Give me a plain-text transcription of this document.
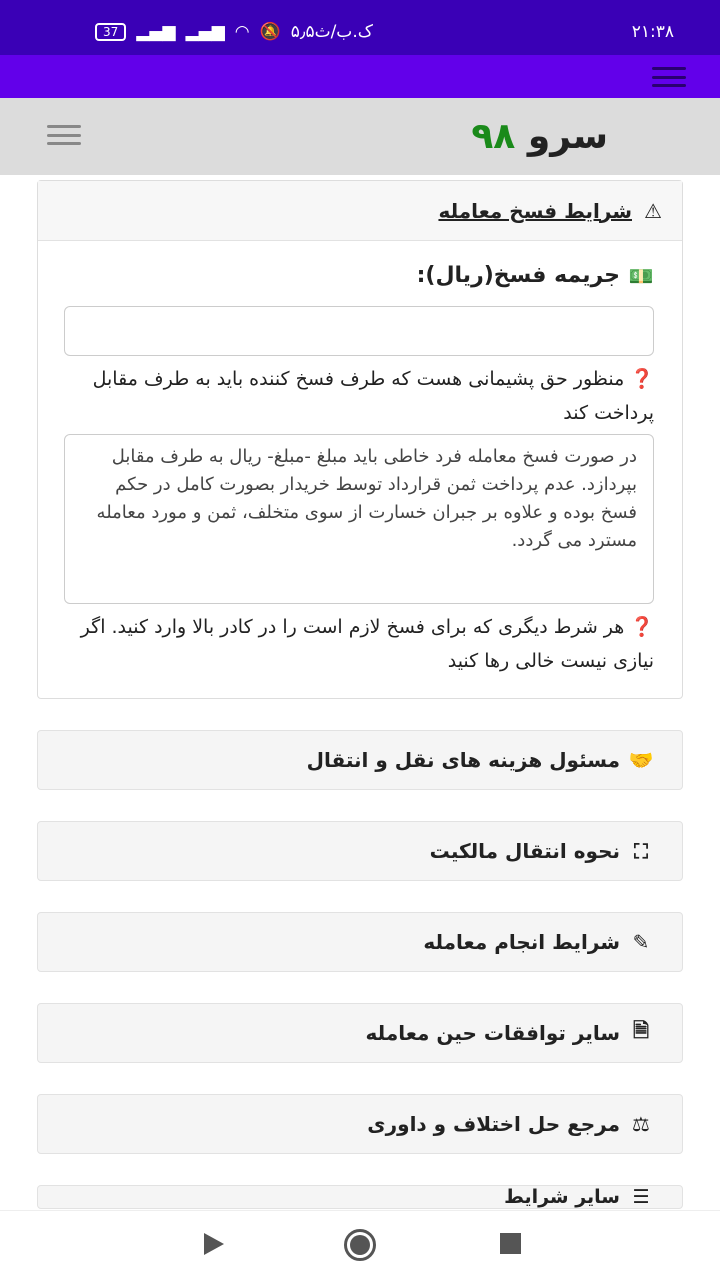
37	▂▄▆ ▂▄▆ ◠ 🔕 ۵٫۵ک.ب/ث	۲۱:۳۸
سرو ۹۸
⚠
شرایط فسخ معامله
💵
جریمه فسخ(ریال):
❓ منظور حق پشیمانی هست که طرف فسخ کننده باید به طرف مقابل پرداخت کند
در صورت فسخ معامله فرد خاطی باید مبلغ -مبلغ- ریال به طرف مقابل بپردازد. عدم پرداخت ثمن قرارداد توسط خریدار بصورت کامل در حکم فسخ بوده و علاوه بر جبران خسارت از سوی متخلف، ثمن و مورد معامله مسترد می گردد.
❓ هر شرط دیگری که برای فسخ لازم است را در کادر بالا وارد کنید. اگر نیازی نیست خالی رها کنید
🤝
مسئول هزینه های نقل و انتقال
⛶
نحوه انتقال مالکیت
✎
شرایط انجام معامله
🗎
سایر توافقات حین معامله
⚖
مرجع حل اختلاف و داوری
☰
سایر شرایط
